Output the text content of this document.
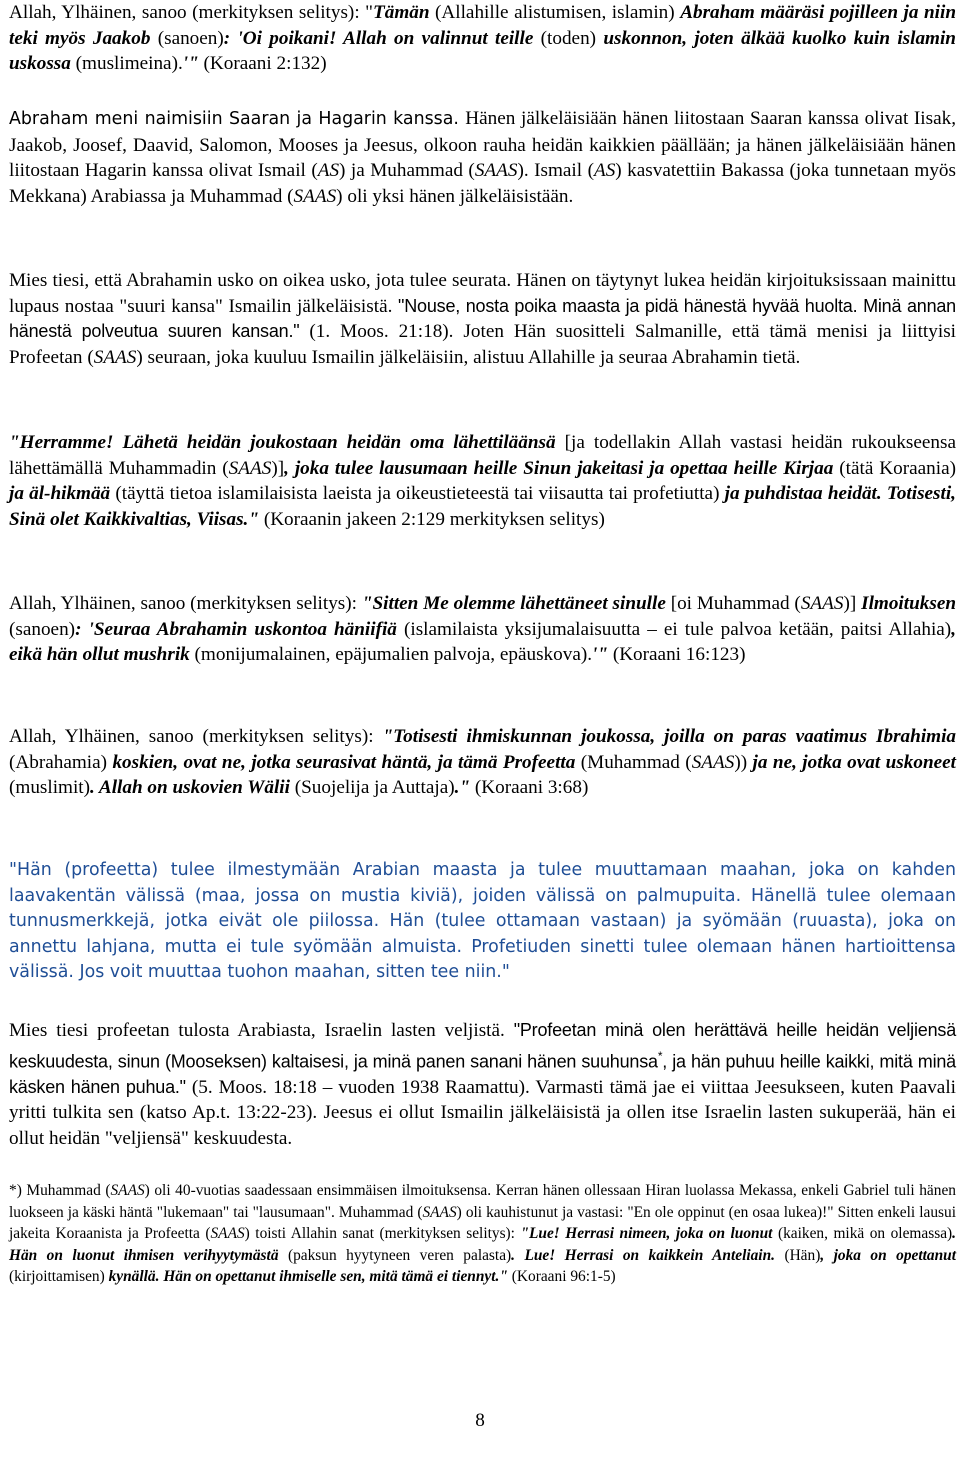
Allah, Ylhäinen, sanoo (merkityksen selitys): "Tämän (Allahille alistumisen, islamin) Abraham määräsi pojilleen ja niin teki myös Jaakob (sanoen): 'Oi poikani! Allah on valinnut teille (toden) uskonnon, joten älkää kuolko kuin islamin uskossa (muslimeina).'" (Koraani 2:132)

Abraham meni naimisiin Saaran ja Hagarin kanssa. Hänen jälkeläisiään hänen liitostaan Saaran kanssa olivat Iisak, Jaakob, Joosef, Daavid, Salomon, Mooses ja Jeesus, olkoon rauha heidän kaikkien päällään; ja hänen jälkeläisiään hänen liitostaan Hagarin kanssa olivat Ismail (AS) ja Muhammad (SAAS). Ismail (AS) kasvatettiin Bakassa (joka tunnetaan myös Mekkana) Arabiassa ja Muhammad (SAAS) oli yksi hänen jälkeläisistään.

Mies tiesi, että Abrahamin usko on oikea usko, jota tulee seurata. Hänen on täytynyt lukea heidän kirjoituksissaan mainittu lupaus nostaa "suuri kansa" Ismailin jälkeläisistä. "Nouse, nosta poika maasta ja pidä hänestä hyvää huolta. Minä annan hänestä polveutua suuren kansan." (1. Moos. 21:18). Joten Hän suositteli Salmanille, että tämä menisi ja liittyisi Profeetan (SAAS) seuraan, joka kuuluu Ismailin jälkeläisiin, alistuu Allahille ja seuraa Abrahamin tietä.

"Herramme! Lähetä heidän joukostaan heidän oma lähettiläänsä [ja todellakin Allah vastasi heidän rukoukseensa lähettämällä Muhammadin (SAAS)], joka tulee lausumaan heille Sinun jakeitasi ja opettaa heille Kirjaa (tätä Koraania) ja äl-hikmää (täyttä tietoa islamilaisista laeista ja oikeustieteestä tai viisautta tai profetiutta) ja puhdistaa heidät. Totisesti, Sinä olet Kaikkivaltias, Viisas." (Koraanin jakeen 2:129 merkityksen selitys)

Allah, Ylhäinen, sanoo (merkityksen selitys): "Sitten Me olemme lähettäneet sinulle [oi Muhammad (SAAS)] Ilmoituksen (sanoen): 'Seuraa Abrahamin uskontoa häniifiä (islamilaista yksijumalaisuutta – ei tule palvoa ketään, paitsi Allahia), eikä hän ollut mushrik (monijumalainen, epäjumalien palvoja, epäuskova).'" (Koraani 16:123)

Allah, Ylhäinen, sanoo (merkityksen selitys): "Totisesti ihmiskunnan joukossa, joilla on paras vaatimus Ibrahimia (Abrahamia) koskien, ovat ne, jotka seurasivat häntä, ja tämä Profeetta (Muhammad (SAAS)) ja ne, jotka ovat uskoneet (muslimit). Allah on uskovien Wälii (Suojelija ja Auttaja)." (Koraani 3:68)

"Hän (profeetta) tulee ilmestymään Arabian maasta ja tulee muuttamaan maahan, joka on kahden laavakentän välissä (maa, jossa on mustia kiviä), joiden välissä on palmupuita. Hänellä tulee olemaan tunnusmerkkejä, jotka eivät ole piilossa. Hän (tulee ottamaan vastaan) ja syömään (ruuasta), joka on annettu lahjana, mutta ei tule syömään almuista. Profetiuden sinetti tulee olemaan hänen hartioittensa välissä. Jos voit muuttaa tuohon maahan, sitten tee niin."

Mies tiesi profeetan tulosta Arabiasta, Israelin lasten veljistä. "Profeetan minä olen herättävä heille heidän veljiensä keskuudesta, sinun (Mooseksen) kaltaisesi, ja minä panen sanani hänen suuhunsa*, ja hän puhuu heille kaikki, mitä minä käsken hänen puhua." (5. Moos. 18:18 – vuoden 1938 Raamattu). Varmasti tämä jae ei viittaa Jeesukseen, kuten Paavali yritti tulkita sen (katso Ap.t. 13:22-23). Jeesus ei ollut Ismailin jälkeläisistä ja ollen itse Israelin lasten sukuperää, hän ei ollut heidän "veljiensä" keskuudesta.

*) Muhammad (SAAS) oli 40-vuotias saadessaan ensimmäisen ilmoituksensa. Kerran hänen ollessaan Hiran luolassa Mekassa, enkeli Gabriel tuli hänen luokseen ja käski häntä "lukemaan" tai "lausumaan". Muhammad (SAAS) oli kauhistunut ja vastasi: "En ole oppinut (en osaa lukea)!" Sitten enkeli lausui jakeita Koraanista ja Profeetta (SAAS) toisti Allahin sanat (merkityksen selitys): "Lue! Herrasi nimeen, joka on luonut (kaiken, mikä on olemassa). Hän on luonut ihmisen verihyytymästä (paksun hyytyneen veren palasta). Lue! Herrasi on kaikkein Anteliain. (Hän), joka on opettanut (kirjoittamisen) kynällä. Hän on opettanut ihmiselle sen, mitä tämä ei tiennyt." (Koraani 96:1-5)

8
